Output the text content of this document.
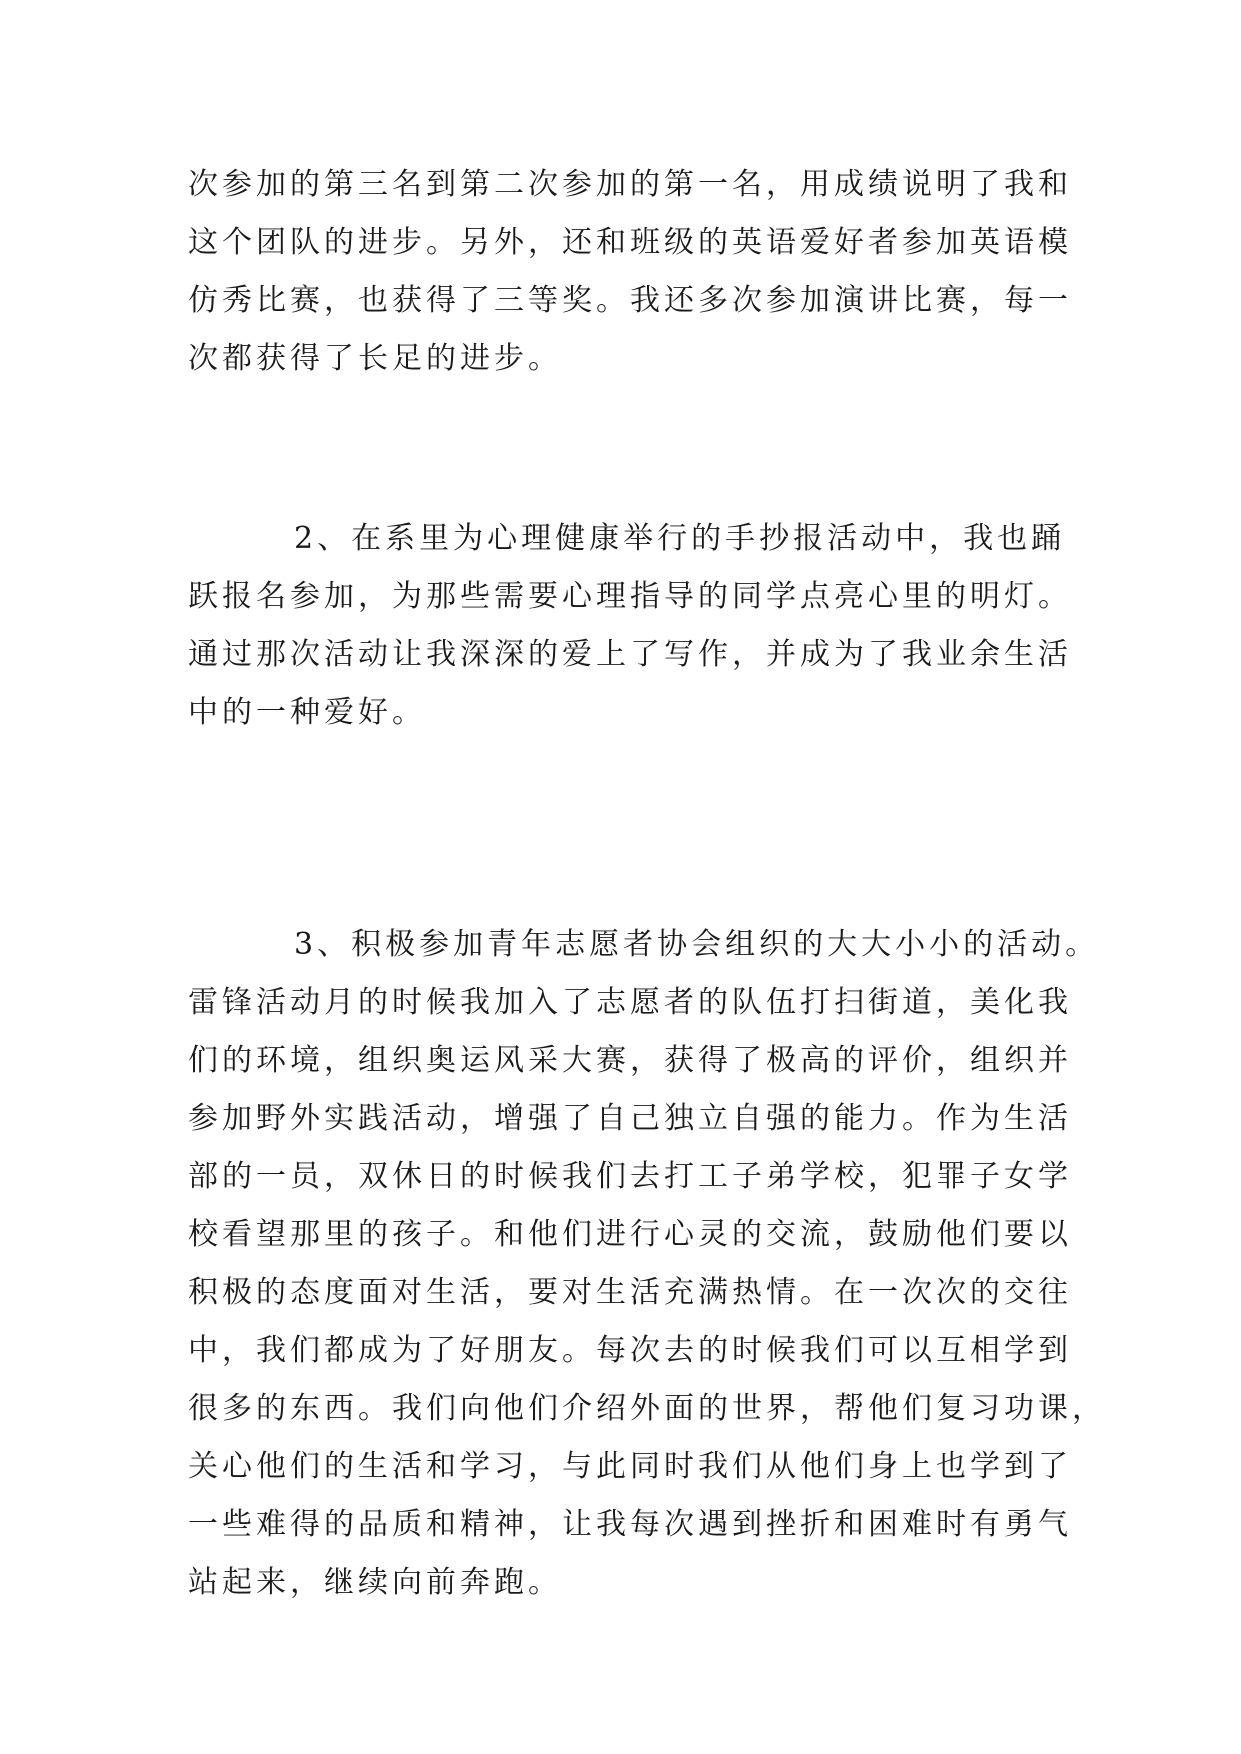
次参加的第三名到第二次参加的第一名，用成绩说明了我和
这个团队的进步。另外，还和班级的英语爱好者参加英语模
仿秀比赛，也获得了三等奖。我还多次参加演讲比赛，每一
次都获得了长足的进步。
2、在系里为心理健康举行的手抄报活动中，我也踊
跃报名参加，为那些需要心理指导的同学点亮心里的明灯。
通过那次活动让我深深的爱上了写作，并成为了我业余生活
中的一种爱好。
3、积极参加青年志愿者协会组织的大大小小的活动。
雷锋活动月的时候我加入了志愿者的队伍打扫街道，美化我
们的环境，组织奥运风采大赛，获得了极高的评价，组织并
参加野外实践活动，增强了自己独立自强的能力。作为生活
部的一员，双休日的时候我们去打工子弟学校，犯罪子女学
校看望那里的孩子。和他们进行心灵的交流，鼓励他们要以
积极的态度面对生活，要对生活充满热情。在一次次的交往
中，我们都成为了好朋友。每次去的时候我们可以互相学到
很多的东西。我们向他们介绍外面的世界，帮他们复习功课，
关心他们的生活和学习，与此同时我们从他们身上也学到了
一些难得的品质和精神，让我每次遇到挫折和困难时有勇气
站起来，继续向前奔跑。
